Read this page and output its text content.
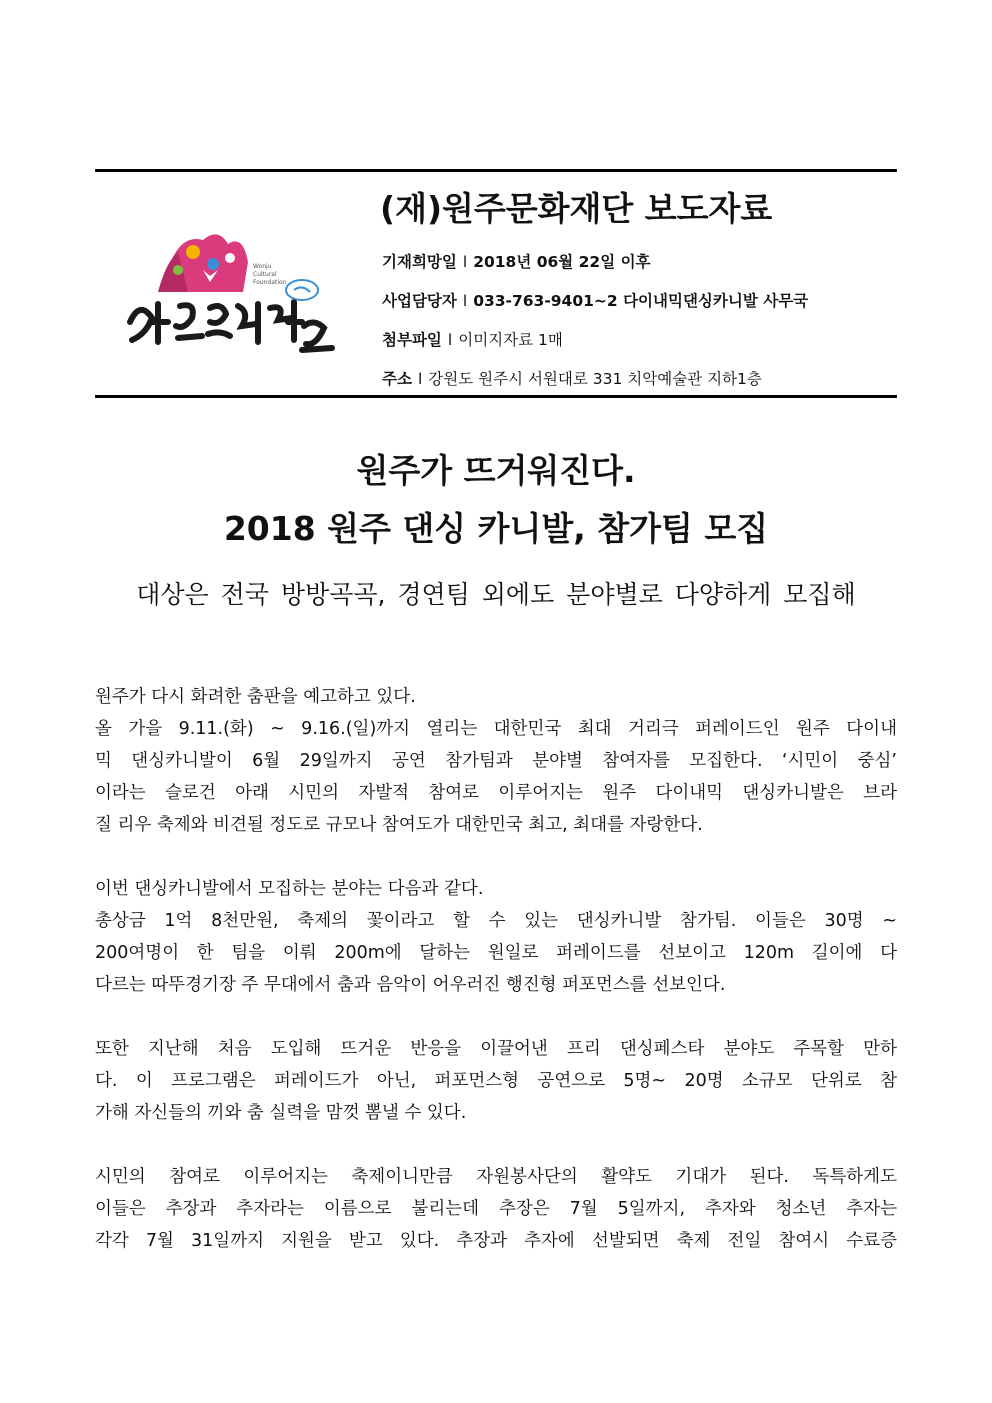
Wonju
Cultural
Foundation
(재)원주문화재단 보도자료
기재희망일 l 2018년 06월 22일 이후
사업담당자 l 033-763-9401~2 다이내믹댄싱카니발 사무국
첨부파일 l 이미지자료 1매
주소 l 강원도 원주시 서원대로 331 치악예술관 지하1층
원주가 뜨거워진다.
2018 원주 댄싱 카니발, 참가팀 모집
대상은 전국 방방곡곡, 경연팀 외에도 분야별로 다양하게 모집해
원주가 다시 화려한 춤판을 예고하고 있다.
올 가을 9.11.(화) ~ 9.16.(일)까지 열리는 대한민국 최대 거리극 퍼레이드인 원주 다이내
믹 댄싱카니발이 6월 29일까지 공연 참가팀과 분야별 참여자를 모집한다. ‘시민이 중심’
이라는 슬로건 아래 시민의 자발적 참여로 이루어지는 원주 다이내믹 댄싱카니발은 브라
질 리우 축제와 비견될 정도로 규모나 참여도가 대한민국 최고, 최대를 자랑한다.
이번 댄싱카니발에서 모집하는 분야는 다음과 같다.
총상금 1억 8천만원, 축제의 꽃이라고 할 수 있는 댄싱카니발 참가팀. 이들은 30명 ~
200여명이 한 팀을 이뤄 200m에 달하는 원일로 퍼레이드를 선보이고 120m 길이에 다
다르는 따뚜경기장 주 무대에서 춤과 음악이 어우러진 행진형 퍼포먼스를 선보인다.
또한 지난해 처음 도입해 뜨거운 반응을 이끌어낸 프리 댄싱페스타 분야도 주목할 만하
다. 이 프로그램은 퍼레이드가 아닌, 퍼포먼스형 공연으로 5명~ 20명 소규모 단위로 참
가해 자신들의 끼와 춤 실력을 맘껏 뽐낼 수 있다.
시민의 참여로 이루어지는 축제이니만큼 자원봉사단의 활약도 기대가 된다. 독특하게도
이들은 추장과 추자라는 이름으로 불리는데 추장은 7월 5일까지, 추자와 청소년 추자는
각각 7월 31일까지 지원을 받고 있다. 추장과 추자에 선발되면 축제 전일 참여시 수료증
